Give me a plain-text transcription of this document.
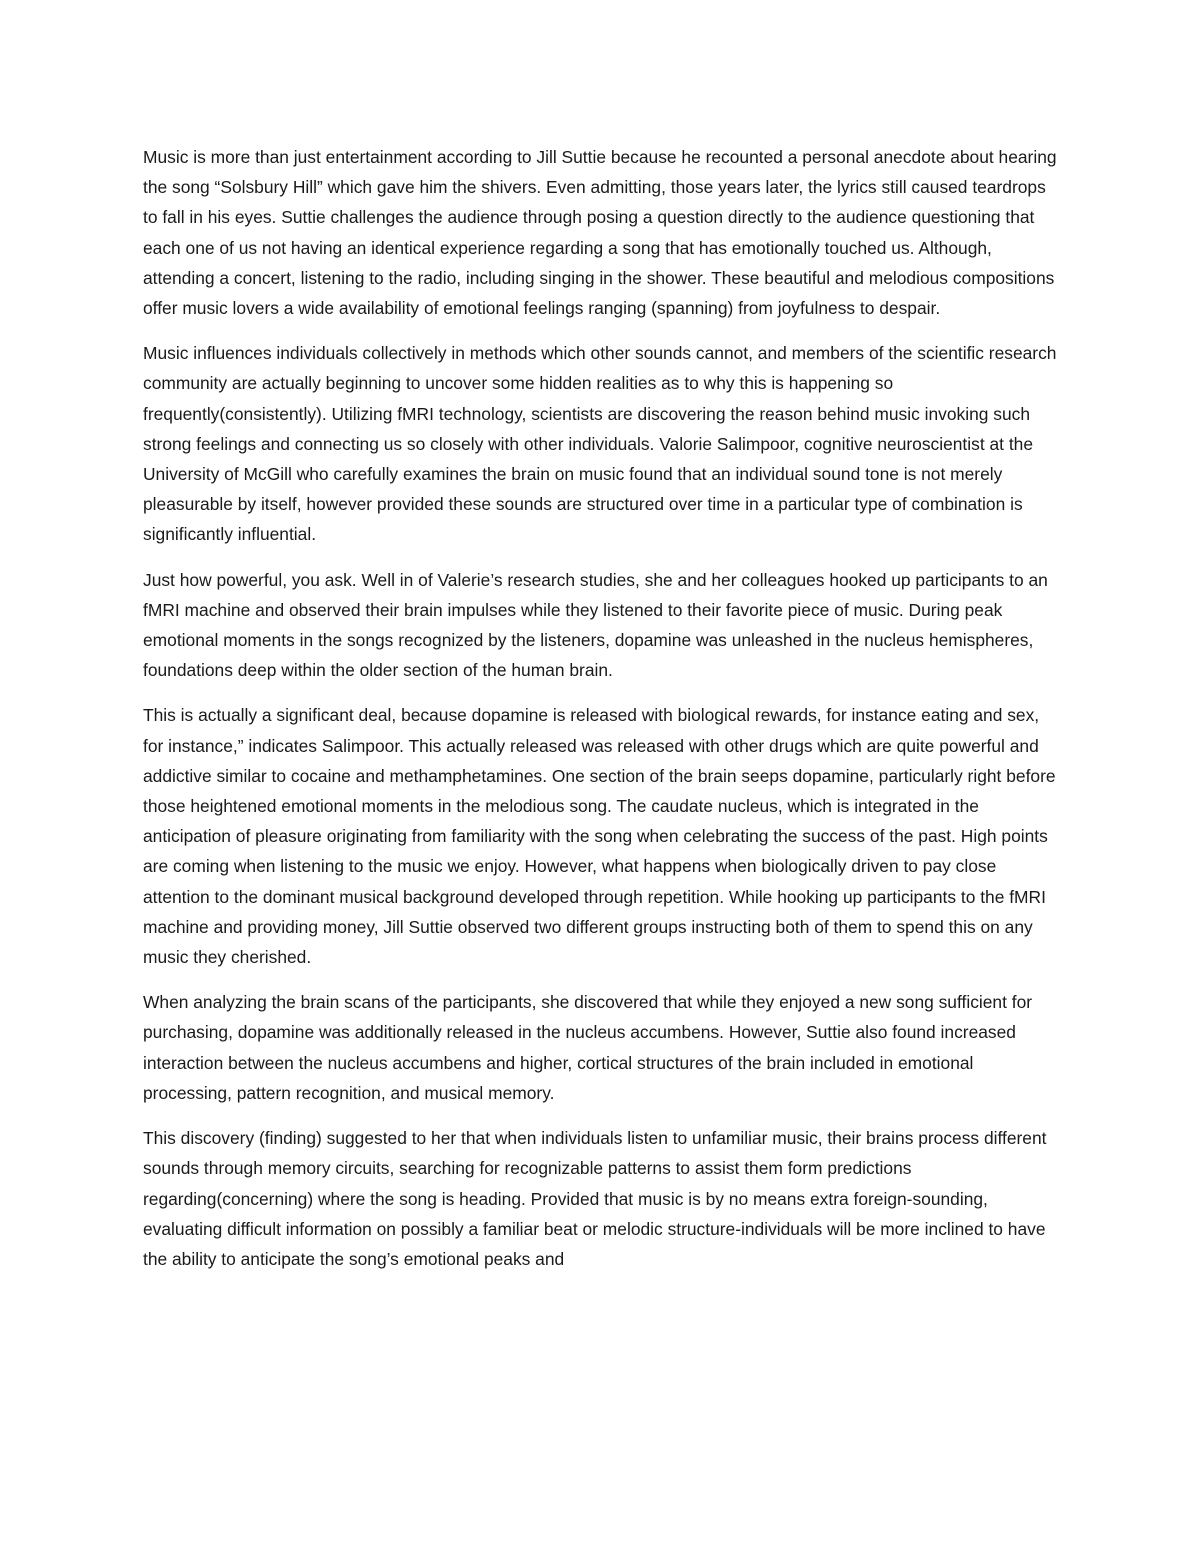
Music is more than just entertainment according to Jill Suttie because he recounted a personal anecdote about hearing the song “Solsbury Hill” which gave him the shivers. Even admitting, those years later, the lyrics still caused teardrops to fall in his eyes. Suttie challenges the audience through posing a question directly to the audience questioning that each one of us not having an identical experience regarding a song that has emotionally touched us. Although, attending a concert, listening to the radio, including singing in the shower. These beautiful and melodious compositions offer music lovers a wide availability of emotional feelings ranging (spanning) from joyfulness to despair.

Music influences individuals collectively in methods which other sounds cannot, and members of the scientific research community are actually beginning to uncover some hidden realities as to why this is happening so frequently(consistently). Utilizing fMRI technology, scientists are discovering the reason behind music invoking such strong feelings and connecting us so closely with other individuals. Valorie Salimpoor, cognitive neuroscientist at the University of McGill who carefully examines the brain on music found that an individual sound tone is not merely pleasurable by itself, however provided these sounds are structured over time in a particular type of combination is significantly influential.

Just how powerful, you ask. Well in of Valerie’s research studies, she and her colleagues hooked up participants to an fMRI machine and observed their brain impulses while they listened to their favorite piece of music. During peak emotional moments in the songs recognized by the listeners, dopamine was unleashed in the nucleus hemispheres, foundations deep within the older section of the human brain.

This is actually a significant deal, because dopamine is released with biological rewards, for instance eating and sex, for instance,” indicates Salimpoor. This actually released was released with other drugs which are quite powerful and addictive similar to cocaine and methamphetamines. One section of the brain seeps dopamine, particularly right before those heightened emotional moments in the melodious song. The caudate nucleus, which is integrated in the anticipation of pleasure originating from familiarity with the song when celebrating the success of the past. High points are coming when listening to the music we enjoy. However, what happens when biologically driven to pay close attention to the dominant musical background developed through repetition. While hooking up participants to the fMRI machine and providing money, Jill Suttie observed two different groups instructing both of them to spend this on any music they cherished.

When analyzing the brain scans of the participants, she discovered that while they enjoyed a new song sufficient for purchasing, dopamine was additionally released in the nucleus accumbens. However, Suttie also found increased interaction between the nucleus accumbens and higher, cortical structures of the brain included in emotional processing, pattern recognition, and musical memory.

This discovery (finding) suggested to her that when individuals listen to unfamiliar music, their brains process different sounds through memory circuits, searching for recognizable patterns to assist them form predictions regarding(concerning) where the song is heading. Provided that music is by no means extra foreign-sounding, evaluating difficult information on possibly a familiar beat or melodic structure-individuals will be more inclined to have the ability to anticipate the song’s emotional peaks and
